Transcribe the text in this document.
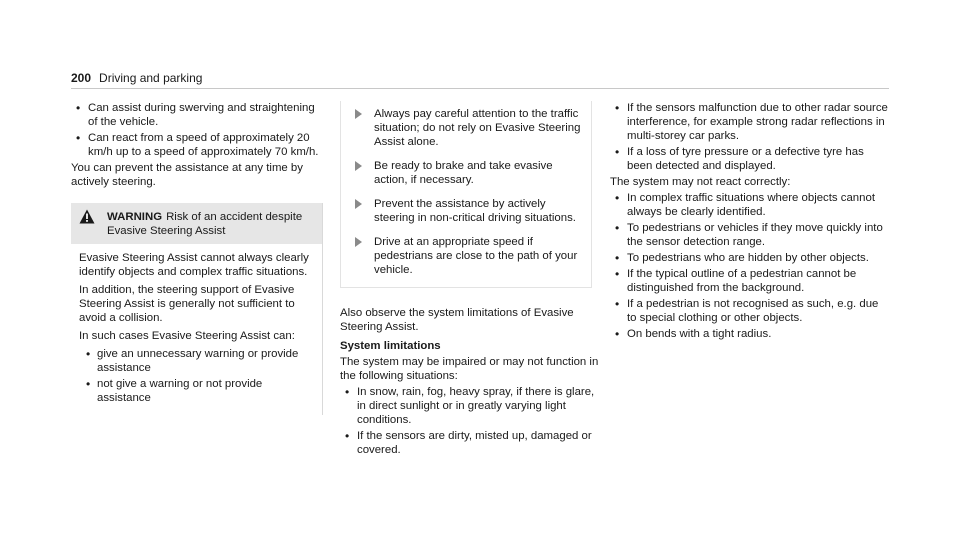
200 Driving and parking
• Can assist during swerving and straightening of the vehicle.
• Can react from a speed of approximately 20 km/h up to a speed of approximately 70 km/h.

You can prevent the assistance at any time by actively steering.

WARNING Risk of an accident despite Evasive Steering Assist

Evasive Steering Assist cannot always clearly identify objects and complex traffic situations.

In addition, the steering support of Evasive Steering Assist is generally not sufficient to avoid a collision.

In such cases Evasive Steering Assist can:

• give an unnecessary warning or provide assistance
• not give a warning or not provide assistance
Always pay careful attention to the traffic situation; do not rely on Evasive Steering Assist alone.
Be ready to brake and take evasive action, if necessary.
Prevent the assistance by actively steering in non-critical driving situations.
Drive at an appropriate speed if pedestrians are close to the path of your vehicle.

Also observe the system limitations of Evasive Steering Assist.

System limitations

The system may be impaired or may not function in the following situations:

• In snow, rain, fog, heavy spray, if there is glare, in direct sunlight or in greatly varying light conditions.
• If the sensors are dirty, misted up, damaged or covered.
• If the sensors malfunction due to other radar source interference, for example strong radar reflections in multi-storey car parks.
• If a loss of tyre pressure or a defective tyre has been detected and displayed.

The system may not react correctly:

• In complex traffic situations where objects cannot always be clearly identified.
• To pedestrians or vehicles if they move quickly into the sensor detection range.
• To pedestrians who are hidden by other objects.
• If the typical outline of a pedestrian cannot be distinguished from the background.
• If a pedestrian is not recognised as such, e.g. due to special clothing or other objects.
• On bends with a tight radius.
